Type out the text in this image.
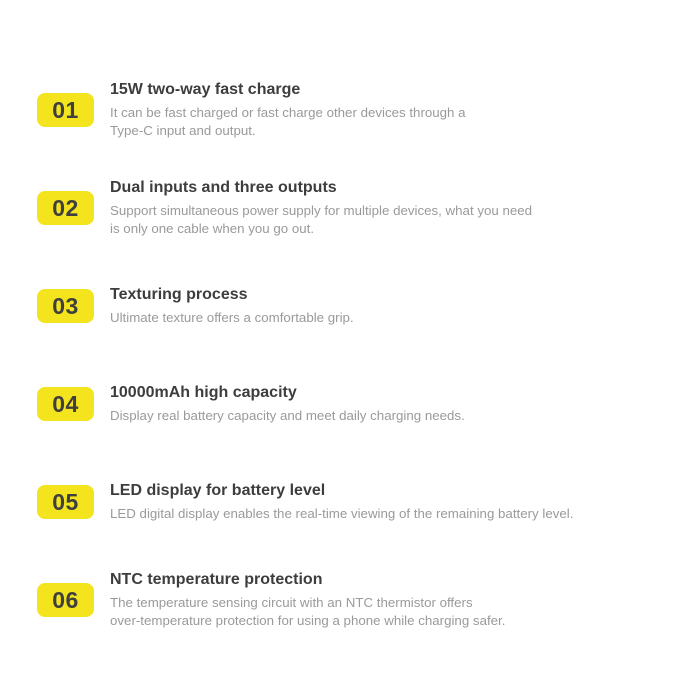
01
15W two-way fast charge
It can be fast charged or fast charge other devices through a
Type-C input and output.
02
Dual inputs and three outputs
Support simultaneous power supply for multiple devices, what you need
is only one cable when you go out.
03 Texturing process
Ultimate texture offers a comfortable grip.
04 10000mAh high capacity
Display real battery capacity and meet daily charging needs.
05 LED display for battery level
LED digital display enables the real-time viewing of the remaining battery level.
06
NTC temperature protection
The temperature sensing circuit with an NTC thermistor offers
over-temperature protection for using a phone while charging safer.
